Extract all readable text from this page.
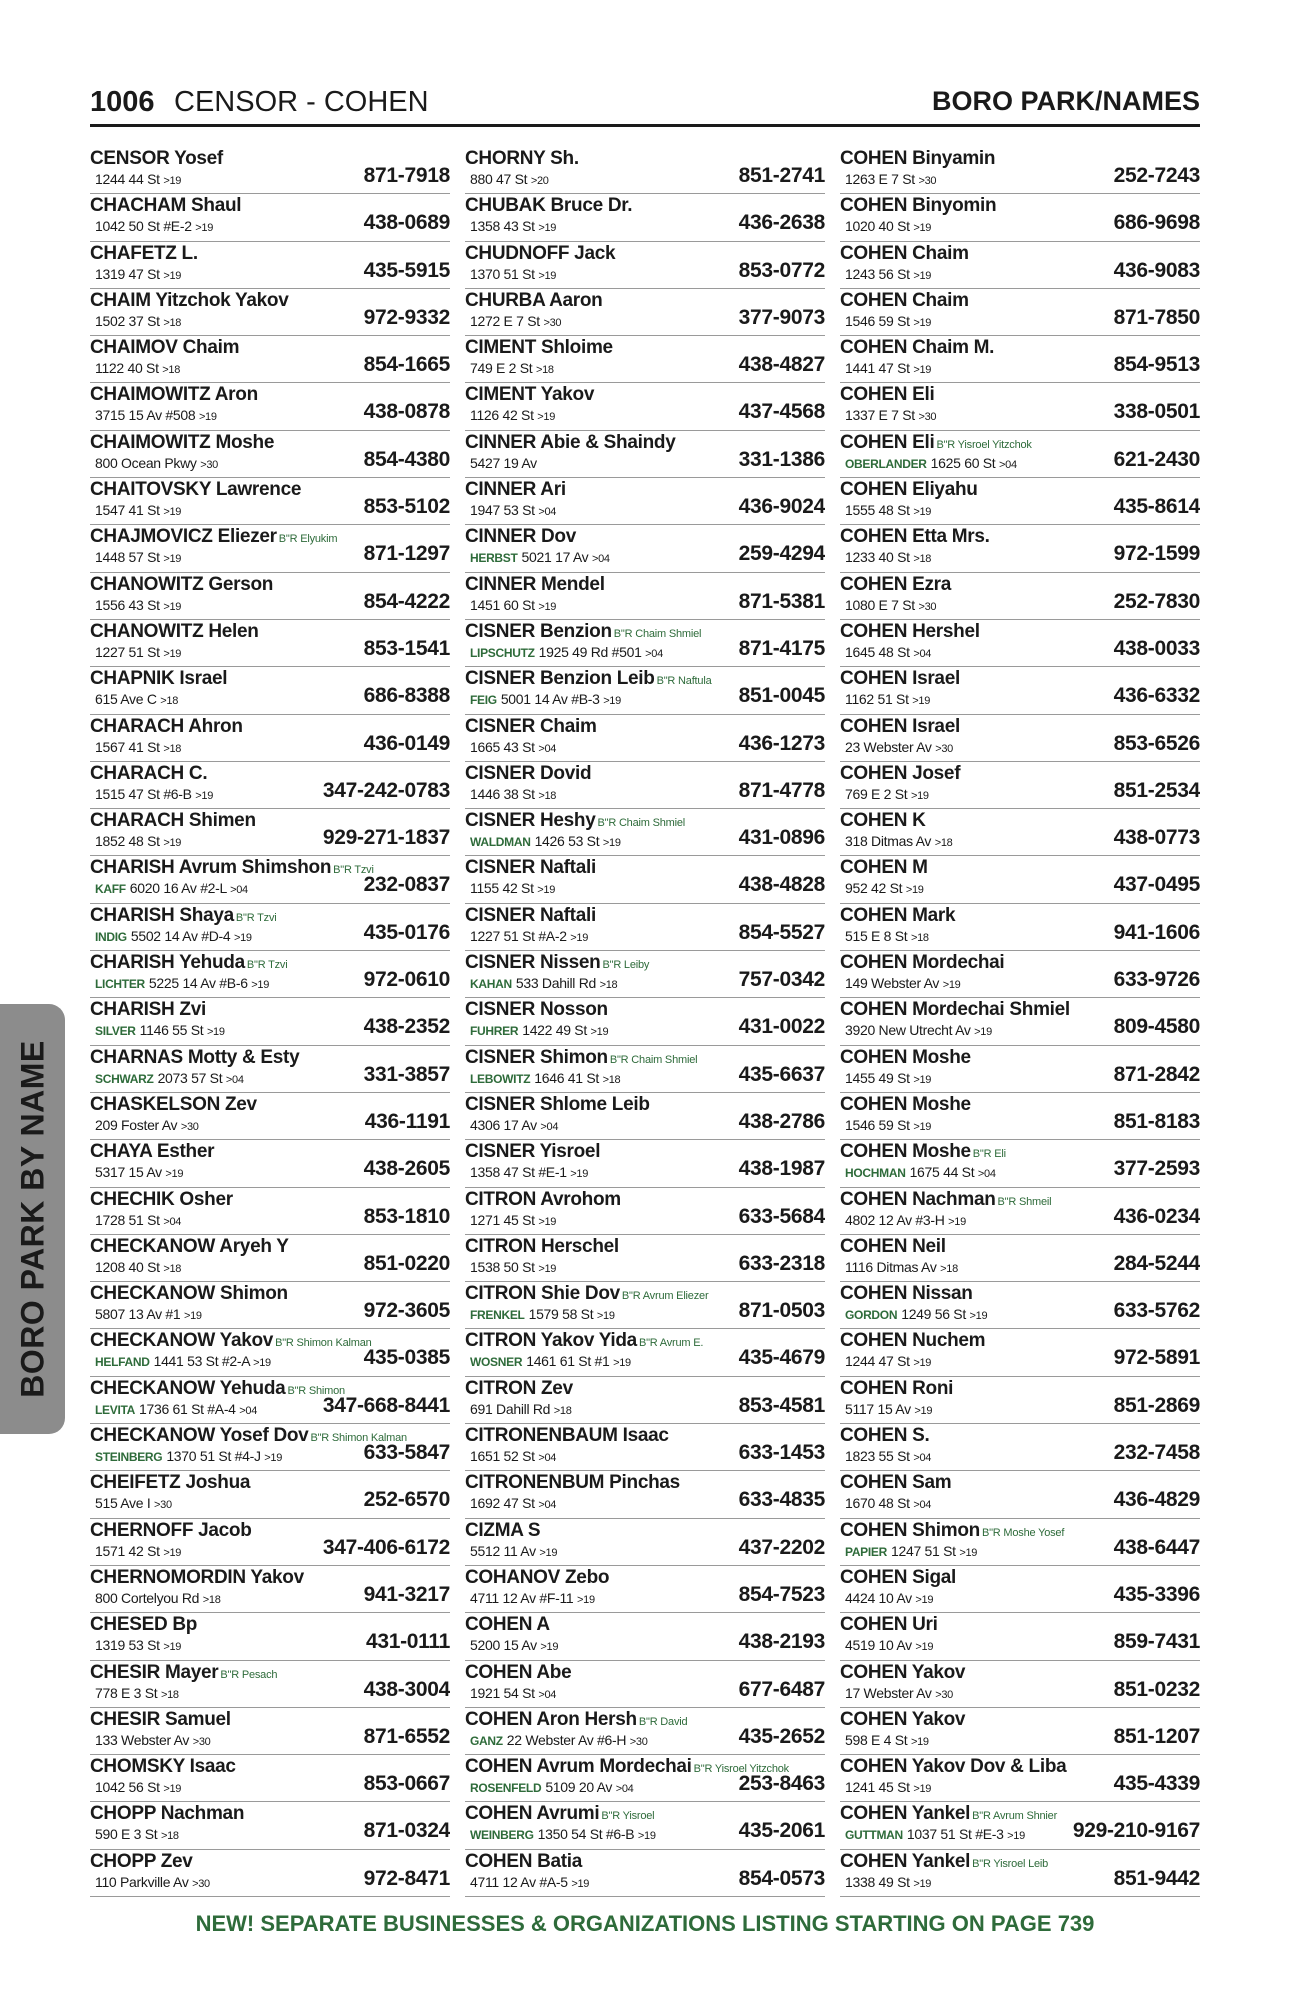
1006 CENSOR - COHEN	BORO PARK/NAMES
CENSOR Yosef
1244 44 St >19	871-7918
CHACHAM Shaul
1042 50 St #E-2 >19	438-0689
CHAFETZ L.
1319 47 St >19	435-5915
CHAIM Yitzchok Yakov
1502 37 St >18	972-9332
CHAIMOV Chaim
1122 40 St >18	854-1665
CHAIMOWITZ Aron
3715 15 Av #508 >19	438-0878
CHAIMOWITZ Moshe
800 Ocean Pkwy >30	854-4380
CHAITOVSKY Lawrence
1547 41 St >19	853-5102
CHAJMOVICZ Eliezer B"R Elyukim
1448 57 St >19	871-1297
CHANOWITZ Gerson
1556 43 St >19	854-4222
CHANOWITZ Helen
1227 51 St >19	853-1541
CHAPNIK Israel
615 Ave C >18	686-8388
CHARACH Ahron
1567 41 St >18	436-0149
CHARACH C.
1515 47 St #6-B >19	347-242-0783
CHARACH Shimen
1852 48 St >19	929-271-1837
CHARISH Avrum Shimshon B"R Tzvi
KAFF 6020 16 Av #2-L >04	232-0837
CHARISH Shaya B"R Tzvi
INDIG 5502 14 Av #D-4 >19	435-0176
CHARISH Yehuda B"R Tzvi
LICHTER 5225 14 Av #B-6 >19	972-0610
CHARISH Zvi
SILVER 1146 55 St >19	438-2352
CHARNAS Motty & Esty
SCHWARZ 2073 57 St >04	331-3857
CHASKELSON Zev
209 Foster Av >30	436-1191
CHAYA Esther
5317 15 Av >19	438-2605
CHECHIK Osher
1728 51 St >04	853-1810
CHECKANOW Aryeh Y
1208 40 St >18	851-0220
CHECKANOW Shimon
5807 13 Av #1 >19	972-3605
CHECKANOW Yakov B"R Shimon Kalman
HELFAND 1441 53 St #2-A >19	435-0385
CHECKANOW Yehuda B"R Shimon
LEVITA 1736 61 St #A-4 >04	347-668-8441
CHECKANOW Yosef Dov B"R Shimon Kalman
STEINBERG 1370 51 St #4-J >19	633-5847
CHEIFETZ Joshua
515 Ave I >30	252-6570
CHERNOFF Jacob
1571 42 St >19	347-406-6172
CHERNOMORDIN Yakov
800 Cortelyou Rd >18	941-3217
CHESED Bp
1319 53 St >19	431-0111
CHESIR Mayer B"R Pesach
778 E 3 St >18	438-3004
CHESIR Samuel
133 Webster Av >30	871-6552
CHOMSKY Isaac
1042 56 St >19	853-0667
CHOPP Nachman
590 E 3 St >18	871-0324
CHOPP Zev
110 Parkville Av >30	972-8471
CHORNY Sh.
880 47 St >20	851-2741
CHUBAK Bruce Dr.
1358 43 St >19	436-2638
CHUDNOFF Jack
1370 51 St >19	853-0772
CHURBA Aaron
1272 E 7 St >30	377-9073
CIMENT Shloime
749 E 2 St >18	438-4827
CIMENT Yakov
1126 42 St >19	437-4568
CINNER Abie & Shaindy
5427 19 Av	331-1386
CINNER Ari
1947 53 St >04	436-9024
CINNER Dov
HERBST 5021 17 Av >04	259-4294
CINNER Mendel
1451 60 St >19	871-5381
CISNER Benzion B"R Chaim Shmiel
LIPSCHUTZ 1925 49 Rd #501 >04	871-4175
CISNER Benzion Leib B"R Naftula
FEIG 5001 14 Av #B-3 >19	851-0045
CISNER Chaim
1665 43 St >04	436-1273
CISNER Dovid
1446 38 St >18	871-4778
CISNER Heshy B"R Chaim Shmiel
WALDMAN 1426 53 St >19	431-0896
CISNER Naftali
1155 42 St >19	438-4828
CISNER Naftali
1227 51 St #A-2 >19	854-5527
CISNER Nissen B"R Leiby
KAHAN 533 Dahill Rd >18	757-0342
CISNER Nosson
FUHRER 1422 49 St >19	431-0022
CISNER Shimon B"R Chaim Shmiel
LEBOWITZ 1646 41 St >18	435-6637
CISNER Shlome Leib
4306 17 Av >04	438-2786
CISNER Yisroel
1358 47 St #E-1 >19	438-1987
CITRON Avrohom
1271 45 St >19	633-5684
CITRON Herschel
1538 50 St >19	633-2318
CITRON Shie Dov B"R Avrum Eliezer
FRENKEL 1579 58 St >19	871-0503
CITRON Yakov Yida B"R Avrum E.
WOSNER 1461 61 St #1 >19	435-4679
CITRON Zev
691 Dahill Rd >18	853-4581
CITRONENBAUM Isaac
1651 52 St >04	633-1453
CITRONENBUM Pinchas
1692 47 St >04	633-4835
CIZMA S
5512 11 Av >19	437-2202
COHANOV Zebo
4711 12 Av #F-11 >19	854-7523
COHEN A
5200 15 Av >19	438-2193
COHEN Abe
1921 54 St >04	677-6487
COHEN Aron Hersh B"R David
GANZ 22 Webster Av #6-H >30	435-2652
COHEN Avrum Mordechai B"R Yisroel Yitzchok
ROSENFELD 5109 20 Av >04	253-8463
COHEN Avrumi B"R Yisroel
WEINBERG 1350 54 St #6-B >19	435-2061
COHEN Batia
4711 12 Av #A-5 >19	854-0573
COHEN Binyamin
1263 E 7 St >30	252-7243
COHEN Binyomin
1020 40 St >19	686-9698
COHEN Chaim
1243 56 St >19	436-9083
COHEN Chaim
1546 59 St >19	871-7850
COHEN Chaim M.
1441 47 St >19	854-9513
COHEN Eli
1337 E 7 St >30	338-0501
COHEN Eli B"R Yisroel Yitzchok
OBERLANDER 1625 60 St >04	621-2430
COHEN Eliyahu
1555 48 St >19	435-8614
COHEN Etta Mrs.
1233 40 St >18	972-1599
COHEN Ezra
1080 E 7 St >30	252-7830
COHEN Hershel
1645 48 St >04	438-0033
COHEN Israel
1162 51 St >19	436-6332
COHEN Israel
23 Webster Av >30	853-6526
COHEN Josef
769 E 2 St >19	851-2534
COHEN K
318 Ditmas Av >18	438-0773
COHEN M
952 42 St >19	437-0495
COHEN Mark
515 E 8 St >18	941-1606
COHEN Mordechai
149 Webster Av >19	633-9726
COHEN Mordechai Shmiel
3920 New Utrecht Av >19	809-4580
COHEN Moshe
1455 49 St >19	871-2842
COHEN Moshe
1546 59 St >19	851-8183
COHEN Moshe B"R Eli
HOCHMAN 1675 44 St >04	377-2593
COHEN Nachman B"R Shmeil
4802 12 Av #3-H >19	436-0234
COHEN Neil
1116 Ditmas Av >18	284-5244
COHEN Nissan
GORDON 1249 56 St >19	633-5762
COHEN Nuchem
1244 47 St >19	972-5891
COHEN Roni
5117 15 Av >19	851-2869
COHEN S.
1823 55 St >04	232-7458
COHEN Sam
1670 48 St >04	436-4829
COHEN Shimon B"R Moshe Yosef
PAPIER 1247 51 St >19	438-6447
COHEN Sigal
4424 10 Av >19	435-3396
COHEN Uri
4519 10 Av >19	859-7431
COHEN Yakov
17 Webster Av >30	851-0232
COHEN Yakov
598 E 4 St >19	851-1207
COHEN Yakov Dov & Liba
1241 45 St >19	435-4339
COHEN Yankel B"R Avrum Shnier
GUTTMAN 1037 51 St #E-3 >19 929-210-9167
COHEN Yankel B"R Yisroel Leib
1338 49 St >19	851-9442
BORO PARK BY NAME
NEW! SEPARATE BUSINESSES & ORGANIZATIONS LISTING STARTING ON PAGE 739
